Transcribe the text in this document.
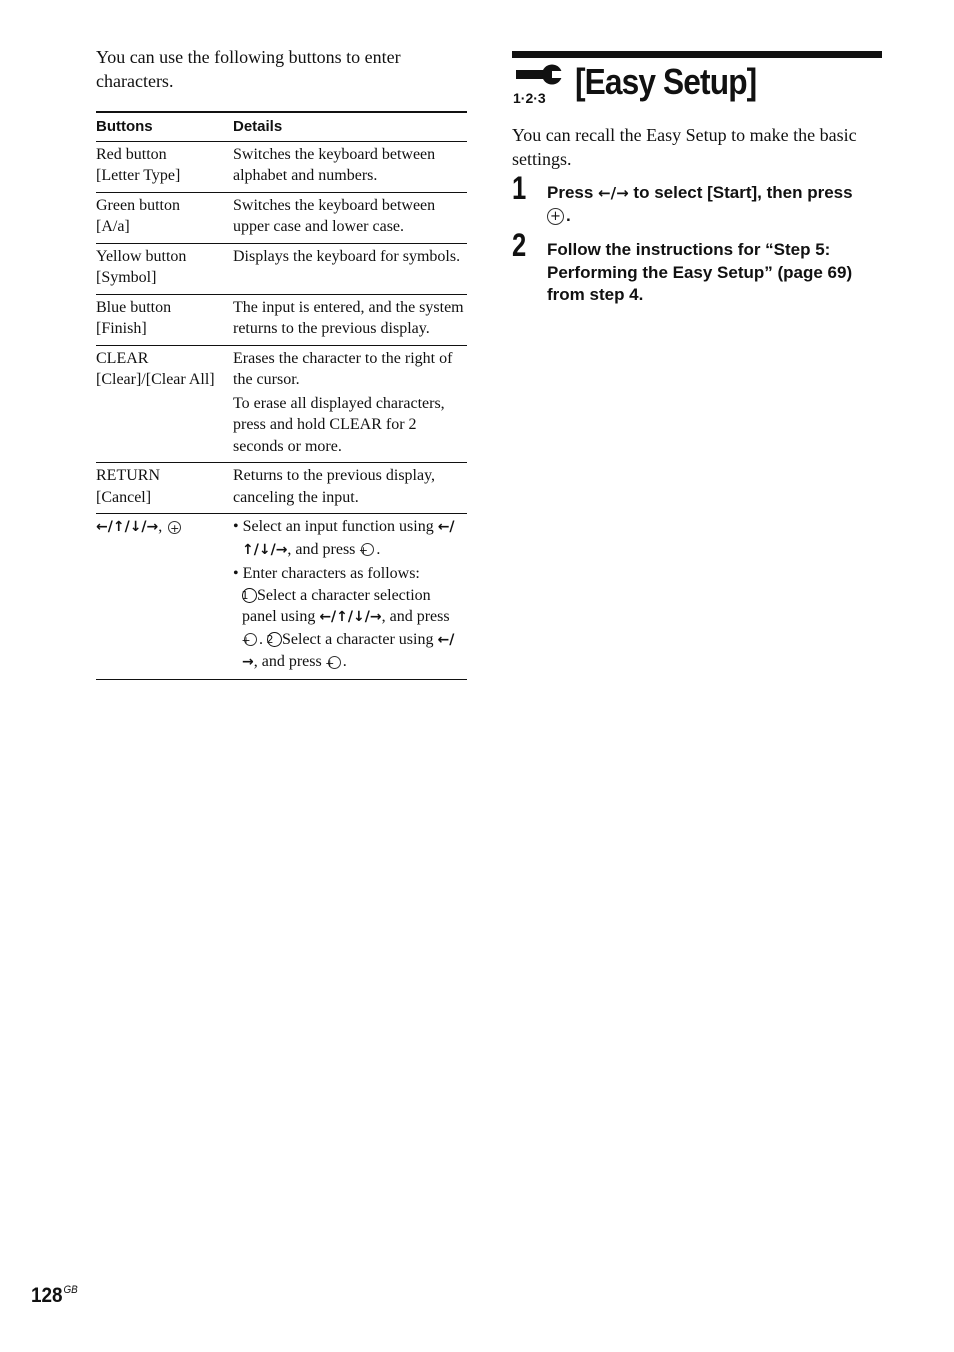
You can use the following buttons to enter characters.
Buttons	Details

Red button
[Letter Type]	Switches the keyboard between alphabet and numbers.

Green button
[A/a]	Switches the keyboard between upper case and lower case.

Yellow button
[Symbol]	Displays the keyboard for symbols.

Blue button
[Finish]	The input is entered, and the system returns to the previous display.

CLEAR
[Clear]/[Clear All]	Erases the character to the right of the cursor.
To erase all displayed characters, press and hold CLEAR for 2 seconds or more.

RETURN
[Cancel]	Returns to the previous display, canceling the input.

←/↑/↓/→, +	• Select an input function using ←/↑/↓/→, and press + .
• Enter characters as follows:
1 Select a character selection panel using ←/↑/↓/→, and press + . 2 Select a character using ←/→, and press + .
1·2·3 [Easy Setup]
You can recall the Easy Setup to make the basic settings.
1 Press ←/→ to select [Start], then press
+ .
2 Follow the instructions for “Step 5: Performing the Easy Setup” (page 69) from step 4.
$128^{GB}$
